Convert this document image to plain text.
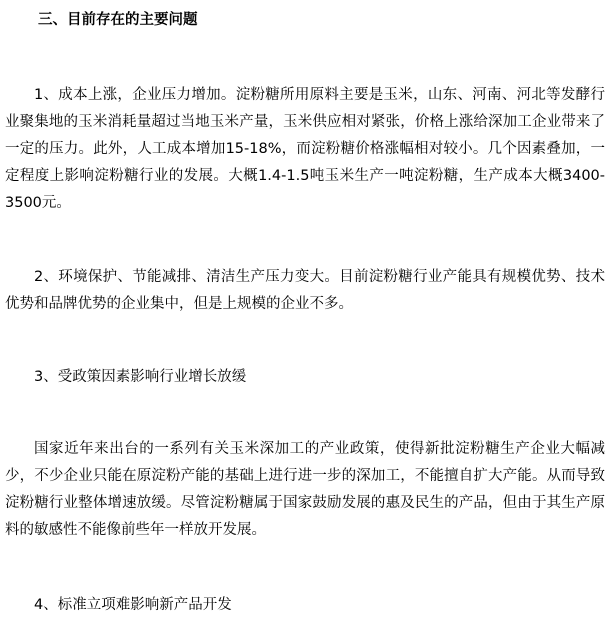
三、目前存在的主要问题

1、成本上涨，企业压力增加。淀粉糖所用原料主要是玉米，山东、河南、河北等发酵行业聚集地的玉米消耗量超过当地玉米产量，玉米供应相对紧张，价格上涨给深加工企业带来了一定的压力。此外，人工成本增加15-18%，而淀粉糖价格涨幅相对较小。几个因素叠加，一定程度上影响淀粉糖行业的发展。大概1.4-1.5吨玉米生产一吨淀粉糖，生产成本大概3400-3500元。

2、环境保护、节能减排、清洁生产压力变大。目前淀粉糖行业产能具有规模优势、技术优势和品牌优势的企业集中，但是上规模的企业不多。

3、受政策因素影响行业增长放缓

国家近年来出台的一系列有关玉米深加工的产业政策，使得新批淀粉糖生产企业大幅减少，不少企业只能在原淀粉产能的基础上进行进一步的深加工，不能擅自扩大产能。从而导致淀粉糖行业整体增速放缓。尽管淀粉糖属于国家鼓励发展的惠及民生的产品，但由于其生产原料的敏感性不能像前些年一样放开发展。

4、标准立项难影响新产品开发
